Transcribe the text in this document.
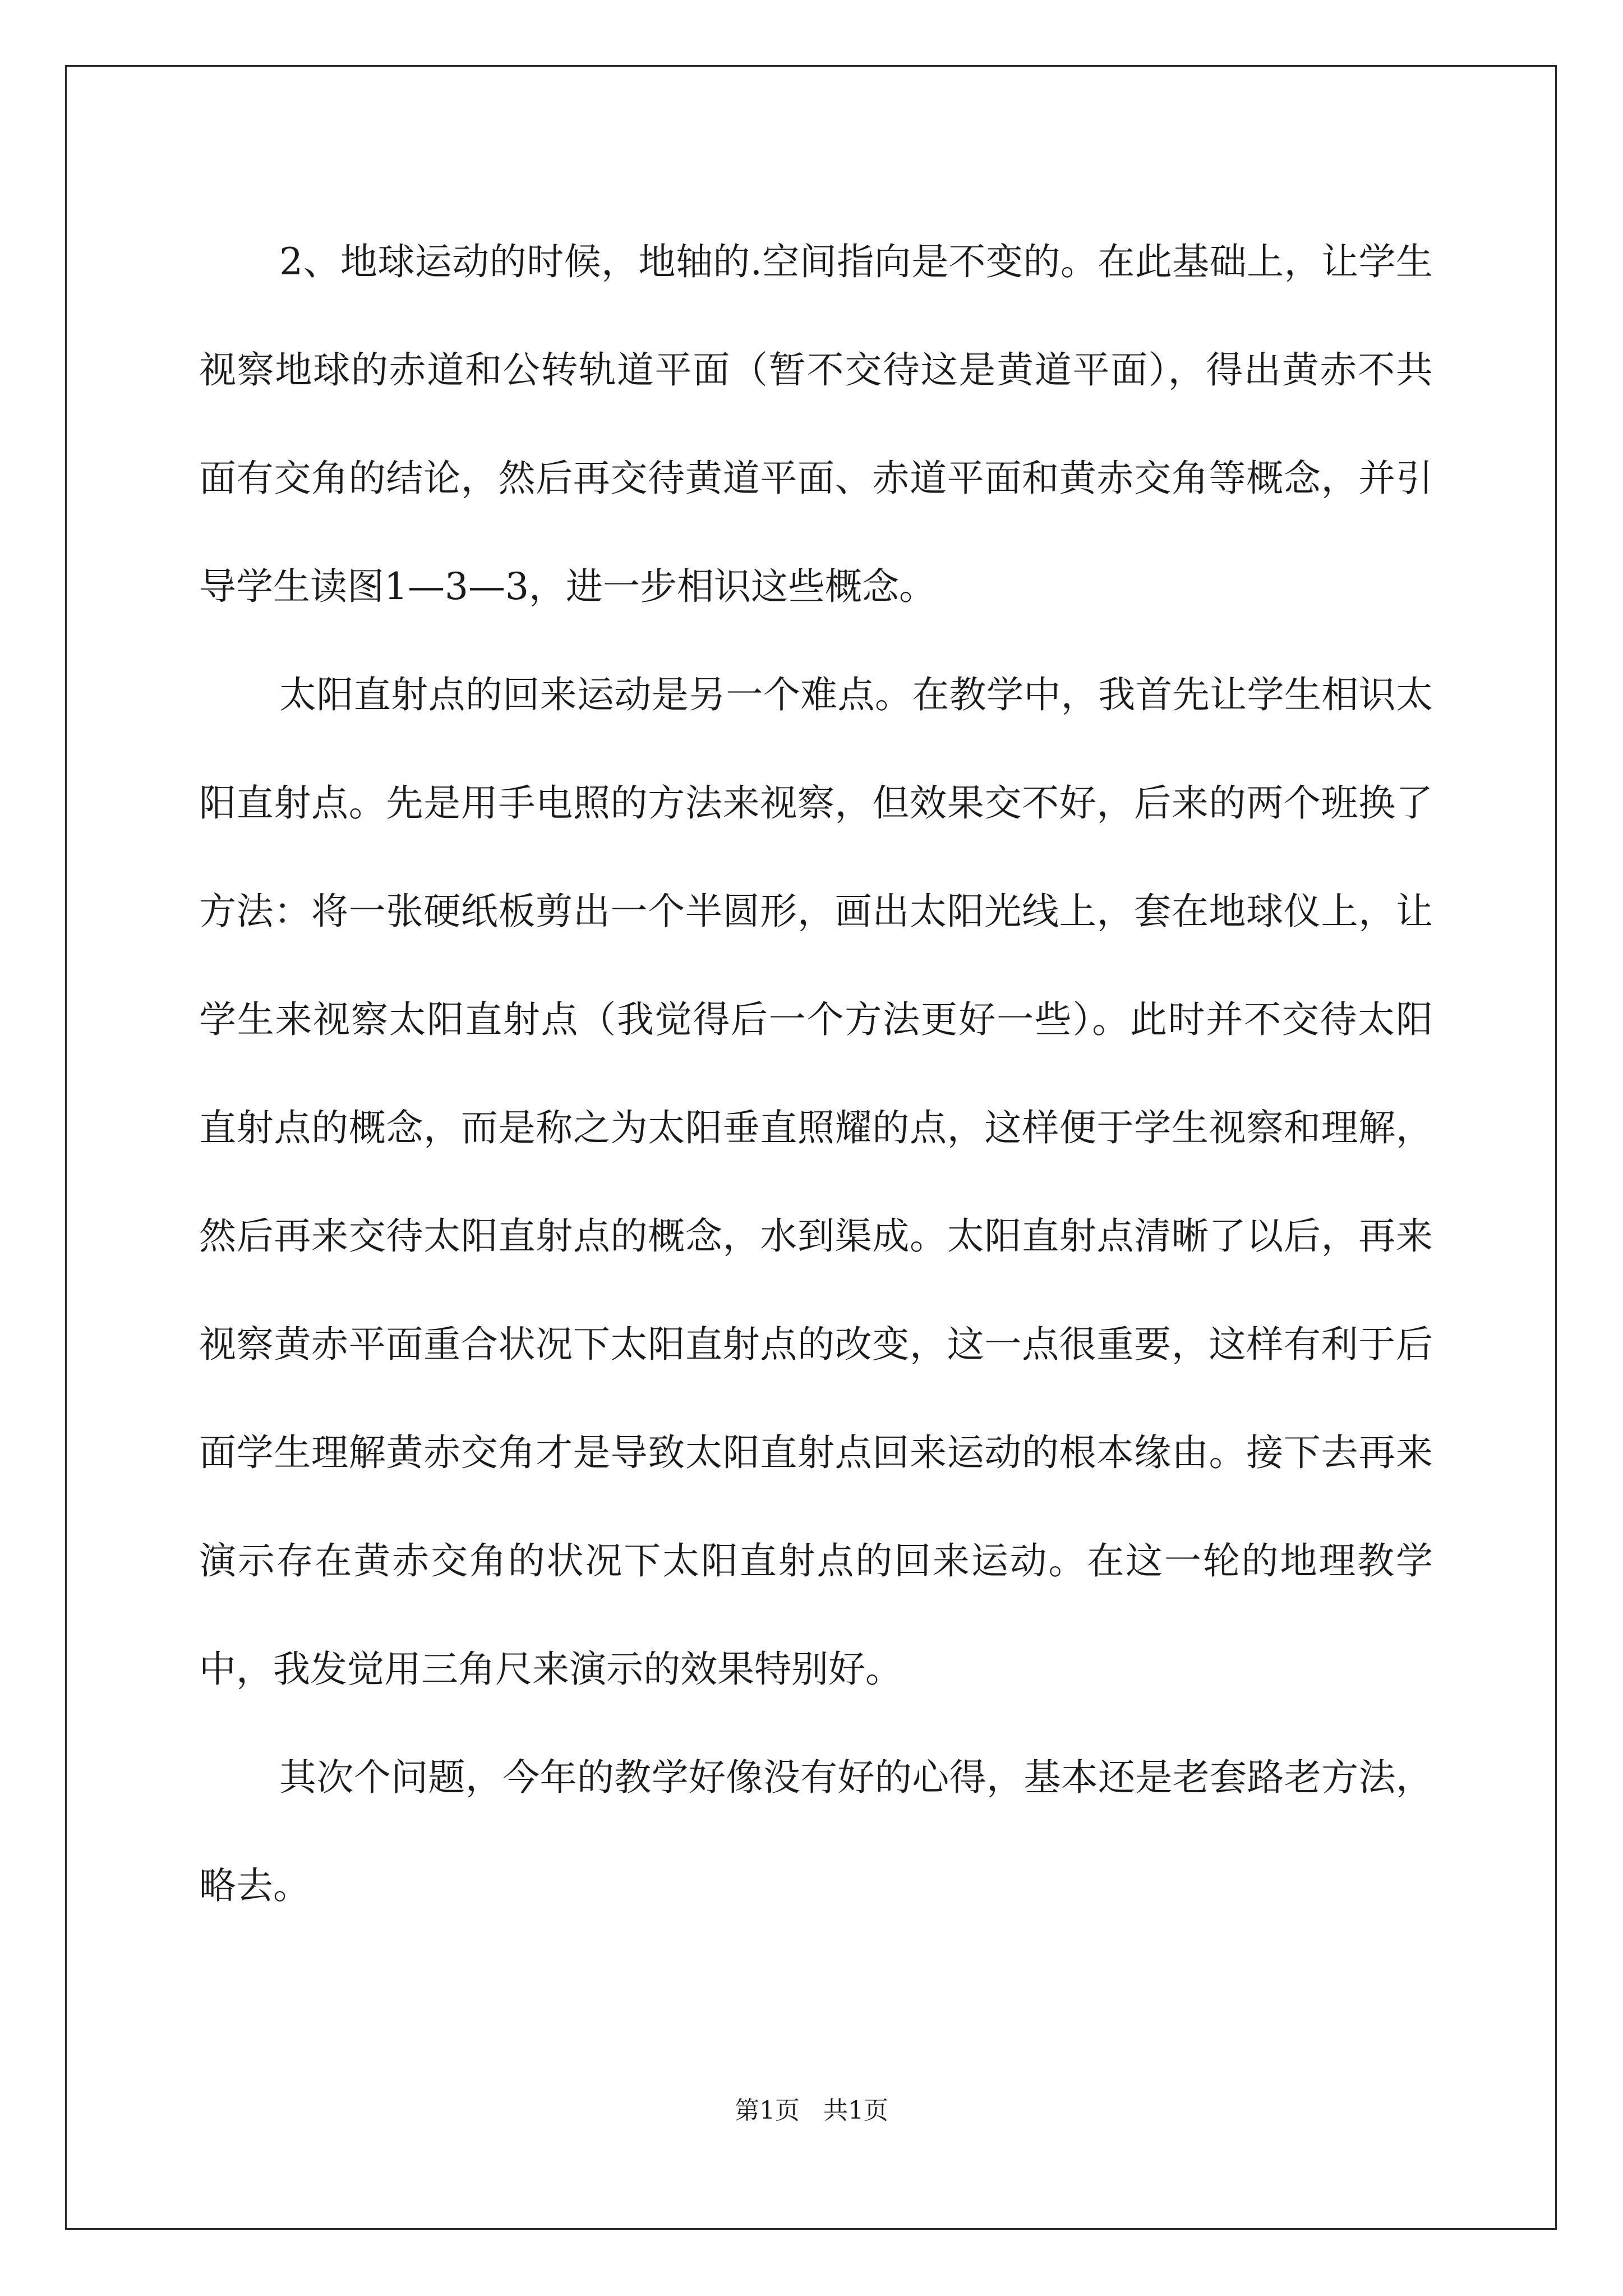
2、地球运动的时候，地轴的.空间指向是不变的。在此基础上，让学生视察地球的赤道和公转轨道平面（暂不交待这是黄道平面），得出黄赤不共面有交角的结论，然后再交待黄道平面、赤道平面和黄赤交角等概念，并引导学生读图1—3—3，进一步相识这些概念。

太阳直射点的回来运动是另一个难点。在教学中，我首先让学生相识太阳直射点。先是用手电照的方法来视察，但效果交不好，后来的两个班换了方法：将一张硬纸板剪出一个半圆形，画出太阳光线上，套在地球仪上，让学生来视察太阳直射点（我觉得后一个方法更好一些）。此时并不交待太阳直射点的概念，而是称之为太阳垂直照耀的点，这样便于学生视察和理解，然后再来交待太阳直射点的概念，水到渠成。太阳直射点清晰了以后，再来视察黄赤平面重合状况下太阳直射点的改变，这一点很重要，这样有利于后面学生理解黄赤交角才是导致太阳直射点回来运动的根本缘由。接下去再来演示存在黄赤交角的状况下太阳直射点的回来运动。在这一轮的地理教学中，我发觉用三角尺来演示的效果特别好。

其次个问题，今年的教学好像没有好的心得，基本还是老套路老方法，略去。

第1页   共1页
